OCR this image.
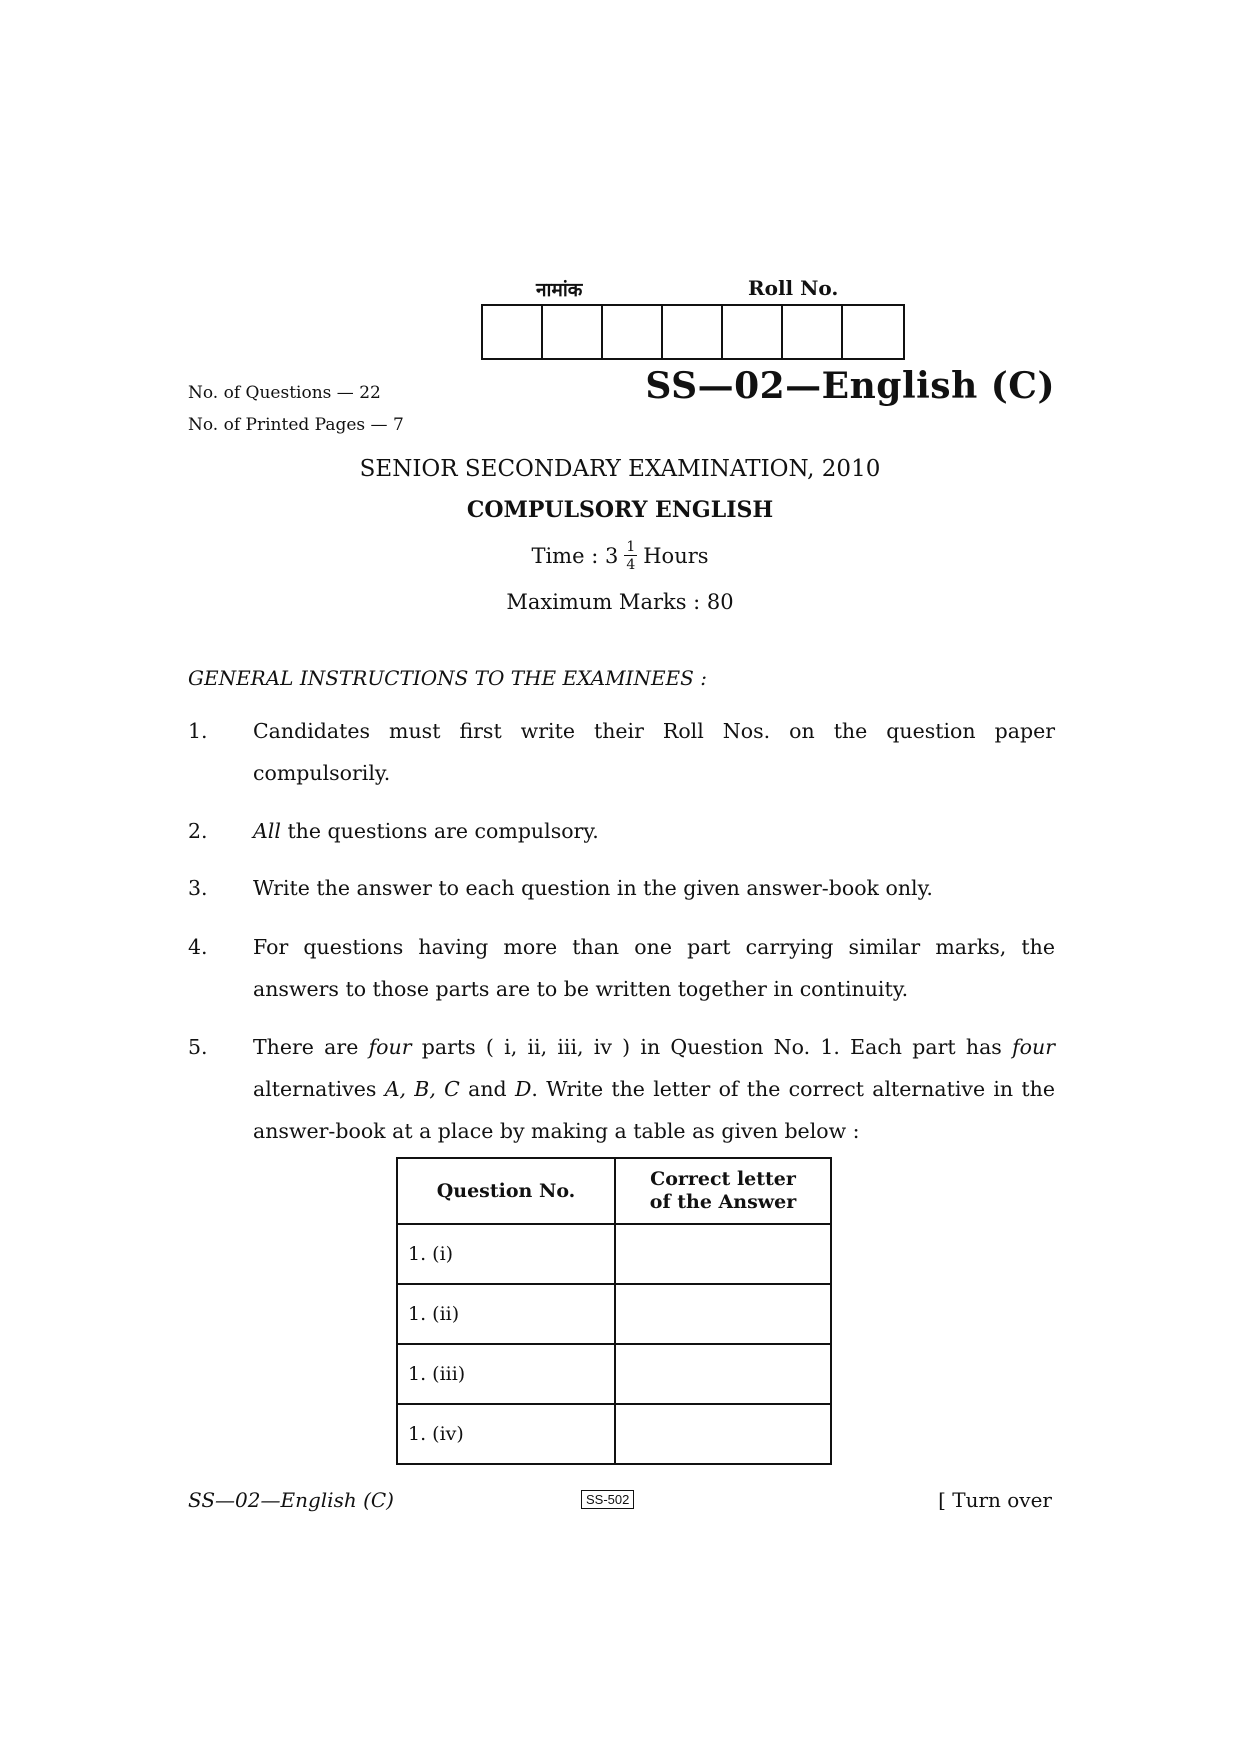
नामांक	Roll No.
No. of Questions — 22
No. of Printed Pages — 7
SS—02—English (C)
SENIOR SECONDARY EXAMINATION, 2010
COMPULSORY ENGLISH
Time : $3 \frac{1}{4}$ Hours
Maximum Marks : 80
GENERAL INSTRUCTIONS TO THE EXAMINEES :
1. Candidates must first write their Roll Nos. on the question paper compulsorily.
2. All the questions are compulsory.
3. Write the answer to each question in the given answer-book only.
4. For questions having more than one part carrying similar marks, the answers to those parts are to be written together in continuity.
5. There are four parts ( i, ii, iii, iv ) in Question No. 1. Each part has four alternatives A, B, C and D. Write the letter of the correct alternative in the answer-book at a place by making a table as given below :
Question No.	Correct letter of the Answer

1. (i)	
1. (ii)	
1. (iii)	
1. (iv)	
SS—02—English (C)	SS-502	[ Turn over
